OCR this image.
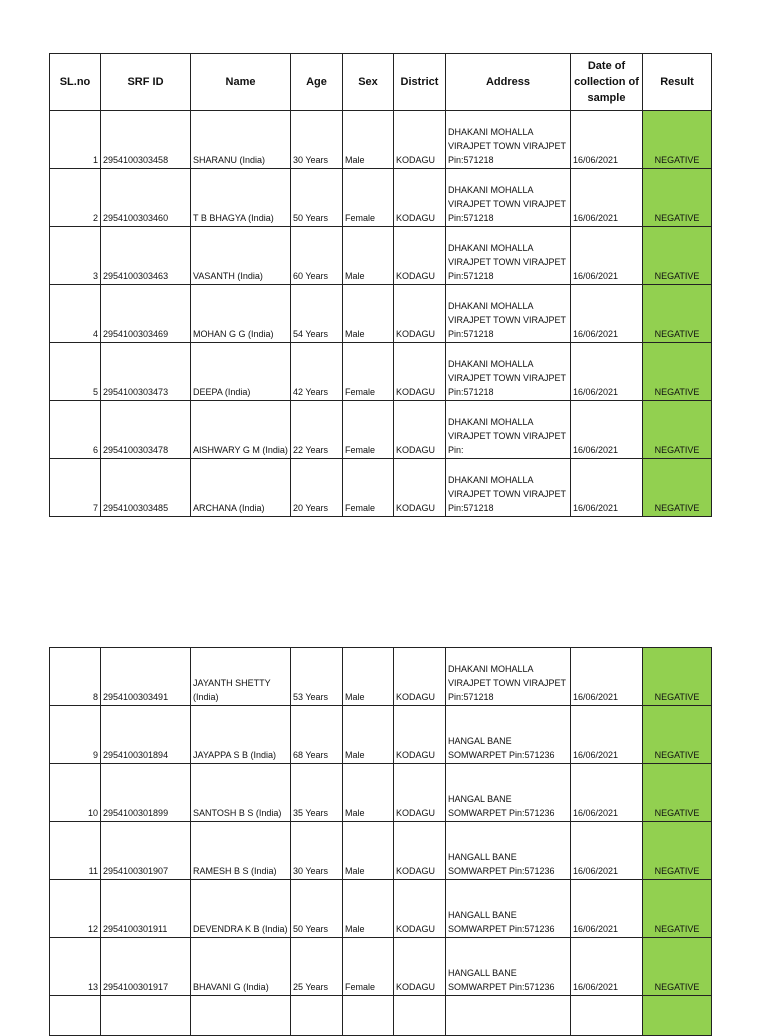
SL.no	SRF ID	Name	Age	Sex	District	Address	Date of collection of sample	Result
1	2954100303458	SHARANU (India)	30 Years	Male	KODAGU	DHAKANI MOHALLA VIRAJPET TOWN VIRAJPET Pin:571218	16/06/2021	NEGATIVE
2	2954100303460	T B BHAGYA (India)	50 Years	Female	KODAGU	DHAKANI MOHALLA VIRAJPET TOWN VIRAJPET Pin:571218	16/06/2021	NEGATIVE
3	2954100303463	VASANTH (India)	60 Years	Male	KODAGU	DHAKANI MOHALLA VIRAJPET TOWN VIRAJPET Pin:571218	16/06/2021	NEGATIVE
4	2954100303469	MOHAN G G (India)	54 Years	Male	KODAGU	DHAKANI MOHALLA VIRAJPET TOWN VIRAJPET Pin:571218	16/06/2021	NEGATIVE
5	2954100303473	DEEPA (India)	42 Years	Female	KODAGU	DHAKANI MOHALLA VIRAJPET TOWN VIRAJPET Pin:571218	16/06/2021	NEGATIVE
6	2954100303478	AISHWARY G M (India)	22 Years	Female	KODAGU	DHAKANI MOHALLA VIRAJPET TOWN VIRAJPET Pin:	16/06/2021	NEGATIVE
7	2954100303485	ARCHANA (India)	20 Years	Female	KODAGU	DHAKANI MOHALLA VIRAJPET TOWN VIRAJPET Pin:571218	16/06/2021	NEGATIVE
8	2954100303491	JAYANTH SHETTY (India)	53 Years	Male	KODAGU	DHAKANI MOHALLA VIRAJPET TOWN VIRAJPET Pin:571218	16/06/2021	NEGATIVE
9	2954100301894	JAYAPPA S B (India)	68 Years	Male	KODAGU	HANGAL BANE SOMWARPET Pin:571236	16/06/2021	NEGATIVE
10	2954100301899	SANTOSH B S (India)	35 Years	Male	KODAGU	HANGAL BANE SOMWARPET Pin:571236	16/06/2021	NEGATIVE
11	2954100301907	RAMESH B S (India)	30 Years	Male	KODAGU	HANGALL BANE SOMWARPET Pin:571236	16/06/2021	NEGATIVE
12	2954100301911	DEVENDRA K B (India)	50 Years	Male	KODAGU	HANGALL BANE SOMWARPET Pin:571236	16/06/2021	NEGATIVE
13	2954100301917	BHAVANI G (India)	25 Years	Female	KODAGU	HANGALL BANE SOMWARPET Pin:571236	16/06/2021	NEGATIVE
